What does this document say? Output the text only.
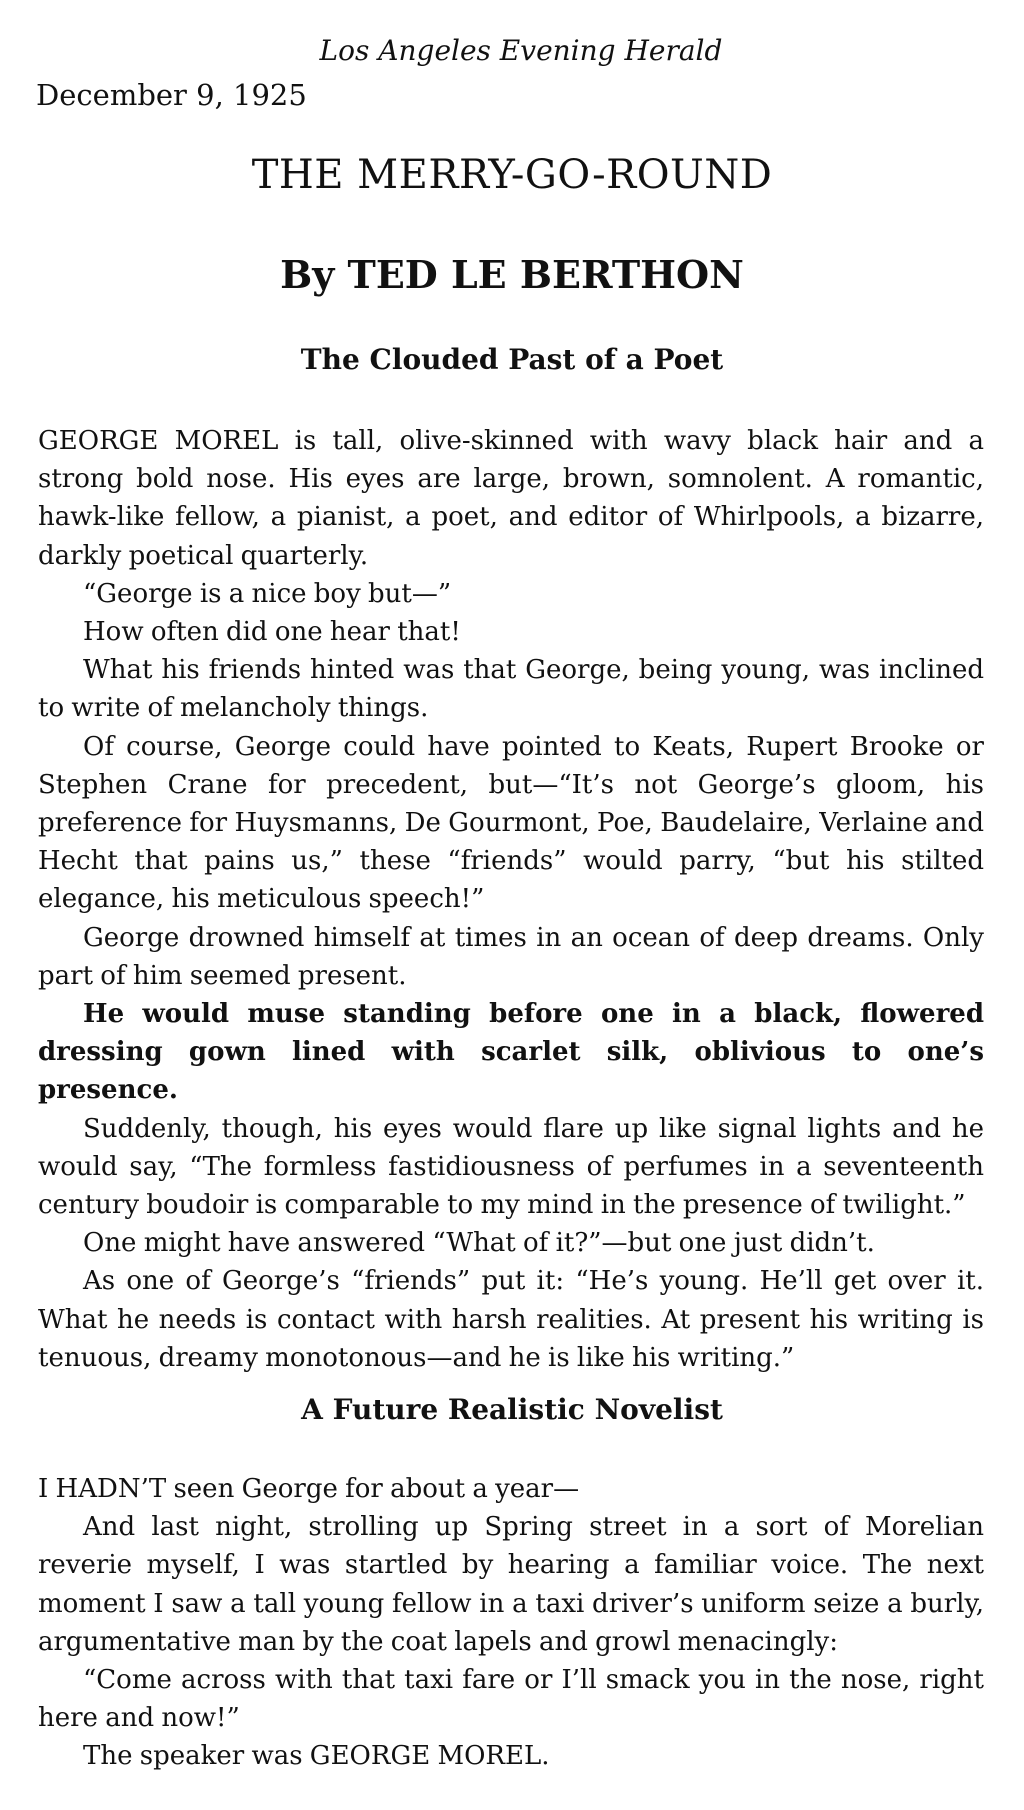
Los Angeles Evening Herald
December 9, 1925
THE MERRY-GO-ROUND
By TED LE BERTHON
The Clouded Past of a Poet

GEORGE MOREL is tall, olive-skinned with wavy black hair and a strong bold nose. His eyes are large, brown, somnolent. A romantic, hawk-like fellow, a pianist, a poet, and editor of Whirlpools, a bizarre, darkly poetical quarterly.

“George is a nice boy but—”

How often did one hear that!

What his friends hinted was that George, being young, was inclined to write of melancholy things.

Of course, George could have pointed to Keats, Rupert Brooke or Stephen Crane for precedent, but—“It’s not George’s gloom, his preference for Huysmanns, De Gourmont, Poe, Baudelaire, Verlaine and Hecht that pains us,” these “friends” would parry, “but his stilted elegance, his meticulous speech!”

George drowned himself at times in an ocean of deep dreams. Only part of him seemed present.

He would muse standing before one in a black, flowered dressing gown lined with scarlet silk, oblivious to one’s presence.

Suddenly, though, his eyes would flare up like signal lights and he would say, “The formless fastidiousness of perfumes in a seventeenth century boudoir is comparable to my mind in the presence of twilight.”

One might have answered “What of it?”—but one just didn’t.

As one of George’s “friends” put it: “He’s young. He’ll get over it. What he needs is contact with harsh realities. At present his writing is tenuous, dreamy monotonous—and he is like his writing.”

A Future Realistic Novelist

I HADN’T seen George for about a year—

And last night, strolling up Spring street in a sort of Morelian reverie myself, I was startled by hearing a familiar voice. The next moment I saw a tall young fellow in a taxi driver’s uniform seize a burly, argumentative man by the coat lapels and growl menacingly:

“Come across with that taxi fare or I’ll smack you in the nose, right here and now!”

The speaker was GEORGE MOREL.
